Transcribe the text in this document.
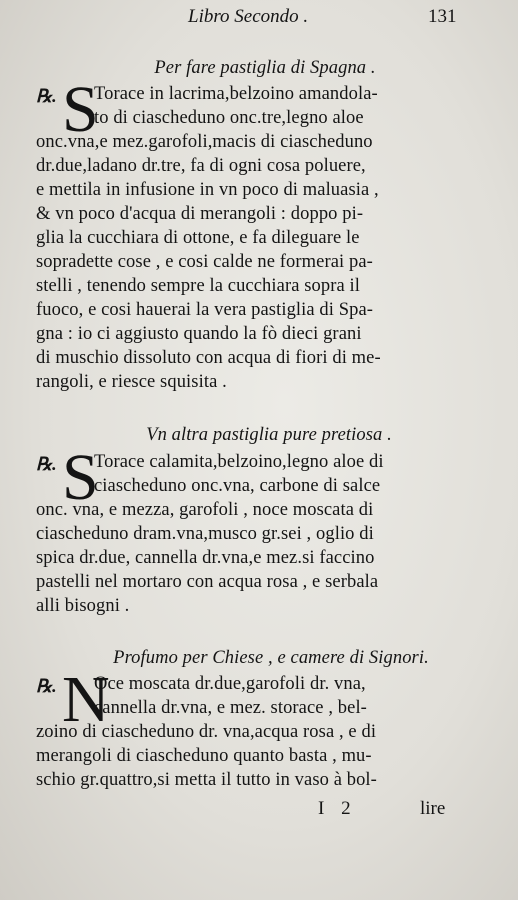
Libro Secondo .	131
Per fare pastiglia di Spagna .
℞. S
Torace in lacrima,belzoino amandola-
to di ciascheduno onc.tre,legno aloe
onc.vna,e mez.garofoli,macis di ciascheduno
dr.due,ladano dr.tre, fa di ogni cosa poluere,
e mettila in infusione in vn poco di maluasia ,
& vn poco d'acqua di merangoli : doppo pi-
glia la cucchiara di ottone, e fa dileguare le
sopradette cose , e cosi calde ne formerai pa-
stelli , tenendo sempre la cucchiara sopra il
fuoco, e cosi hauerai la vera pastiglia di Spa-
gna : io ci aggiusto quando la fò dieci grani
di muschio dissoluto con acqua di fiori di me-
rangoli, e riesce squisita .
Vn altra pastiglia pure pretiosa .
℞. S
Torace calamita,belzoino,legno aloe di
ciascheduno onc.vna, carbone di salce
onc. vna, e mezza, garofoli , noce moscata di
ciascheduno dram.vna,musco gr.sei , oglio di
spica dr.due, cannella dr.vna,e mez.si faccino
pastelli nel mortaro con acqua rosa , e serbala
alli bisogni .
Profumo per Chiese , e camere di Signori.
℞. N
Oce moscata dr.due,garofoli dr. vna,
cannella dr.vna, e mez. storace , bel-
zoino di ciascheduno dr. vna,acqua rosa , e di
merangoli di ciascheduno quanto basta , mu-
schio gr.quattro,si metta il tutto in vaso à bol-
I 2	lire
